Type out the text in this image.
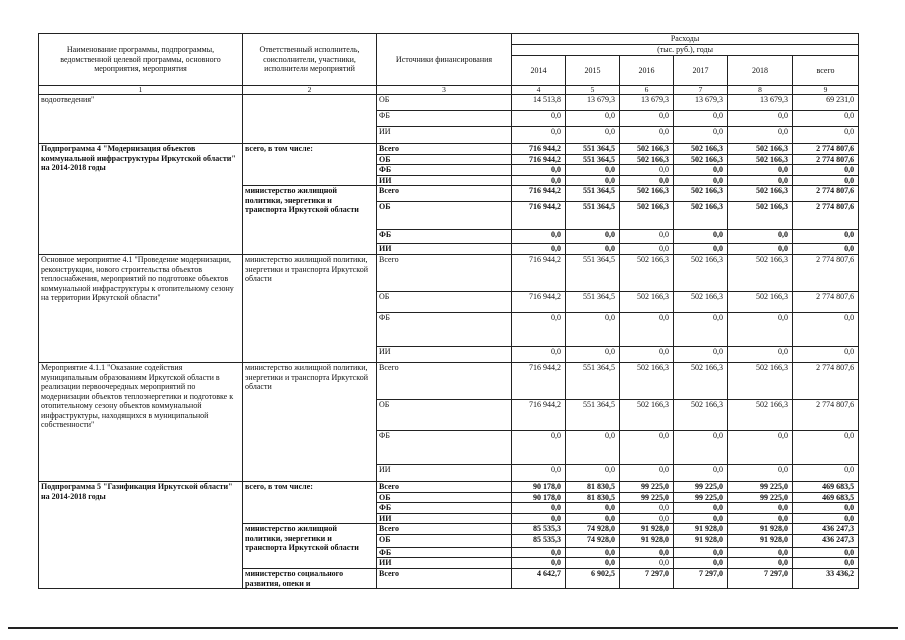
Наименование программы, подпрограммы, ведомственной целевой программы, основного мероприятия, мероприятия	Ответственный исполнитель, соисполнители, участники, исполнители мероприятий	Источники финансирования	Расходы					
			(тыс. руб.), годы					
			2014	2015	2016	2017	2018	всего
1	2	3	4	5	6	7	8	9
водоотведения"		ОБ	14 513,8	13 679,3	13 679,3	13 679,3	13 679,3	69 231,0
		ФБ	0,0	0,0	0,0	0,0	0,0	0,0
		ИИ	0,0	0,0	0,0	0,0	0,0	0,0
Подпрограмма 4 "Модернизация объектов коммунальной инфраструктуры Иркутской области" на 2014-2018 годы	всего, в том числе:	Всего	716 944,2	551 364,5	502 166,3	502 166,3	502 166,3	2 774 807,6
		ОБ	716 944,2	551 364,5	502 166,3	502 166,3	502 166,3	2 774 807,6
		ФБ	0,0	0,0	0,0	0,0	0,0	0,0
		ИИ	0,0	0,0	0,0	0,0	0,0	0,0
	министерство жилищной политики, энергетики и транспорта Иркутской области	Всего	716 944,2	551 364,5	502 166,3	502 166,3	502 166,3	2 774 807,6
		ОБ	716 944,2	551 364,5	502 166,3	502 166,3	502 166,3	2 774 807,6
		ФБ	0,0	0,0	0,0	0,0	0,0	0,0
		ИИ	0,0	0,0	0,0	0,0	0,0	0,0
Основное мероприятие 4.1 "Проведение модернизации, реконструкции, нового строительства объектов теплоснабжения, мероприятий по подготовке объектов коммунальной инфраструктуры к отопительному сезону на территории Иркутской области"	министерство жилищной политики, энергетики и транспорта Иркутской области	Всего	716 944,2	551 364,5	502 166,3	502 166,3	502 166,3	2 774 807,6
		ОБ	716 944,2	551 364,5	502 166,3	502 166,3	502 166,3	2 774 807,6
		ФБ	0,0	0,0	0,0	0,0	0,0	0,0
		ИИ	0,0	0,0	0,0	0,0	0,0	0,0
Мероприятие 4.1.1 "Оказание содействия муниципальным образованиям Иркутской области в реализации первоочередных мероприятий по модернизации объектов теплоэнергетики и подготовке к отопительному сезону объектов коммунальной инфраструктуры, находящихся в муниципальной собственности"	министерство жилищной политики, энергетики и транспорта Иркутской области	Всего	716 944,2	551 364,5	502 166,3	502 166,3	502 166,3	2 774 807,6
		ОБ	716 944,2	551 364,5	502 166,3	502 166,3	502 166,3	2 774 807,6
		ФБ	0,0	0,0	0,0	0,0	0,0	0,0
		ИИ	0,0	0,0	0,0	0,0	0,0	0,0
Подпрограмма 5 "Газификация Иркутской области" на 2014-2018 годы	всего, в том числе:	Всего	90 178,0	81 830,5	99 225,0	99 225,0	99 225,0	469 683,5
		ОБ	90 178,0	81 830,5	99 225,0	99 225,0	99 225,0	469 683,5
		ФБ	0,0	0,0	0,0	0,0	0,0	0,0
		ИИ	0,0	0,0	0,0	0,0	0,0	0,0
	министерство жилищной политики, энергетики и транспорта Иркутской области	Всего	85 535,3	74 928,0	91 928,0	91 928,0	91 928,0	436 247,3
		ОБ	85 535,3	74 928,0	91 928,0	91 928,0	91 928,0	436 247,3
		ФБ	0,0	0,0	0,0	0,0	0,0	0,0
		ИИ	0,0	0,0	0,0	0,0	0,0	0,0
	министерство социального развития, опеки и	Всего	4 642,7	6 902,5	7 297,0	7 297,0	7 297,0	33 436,2
